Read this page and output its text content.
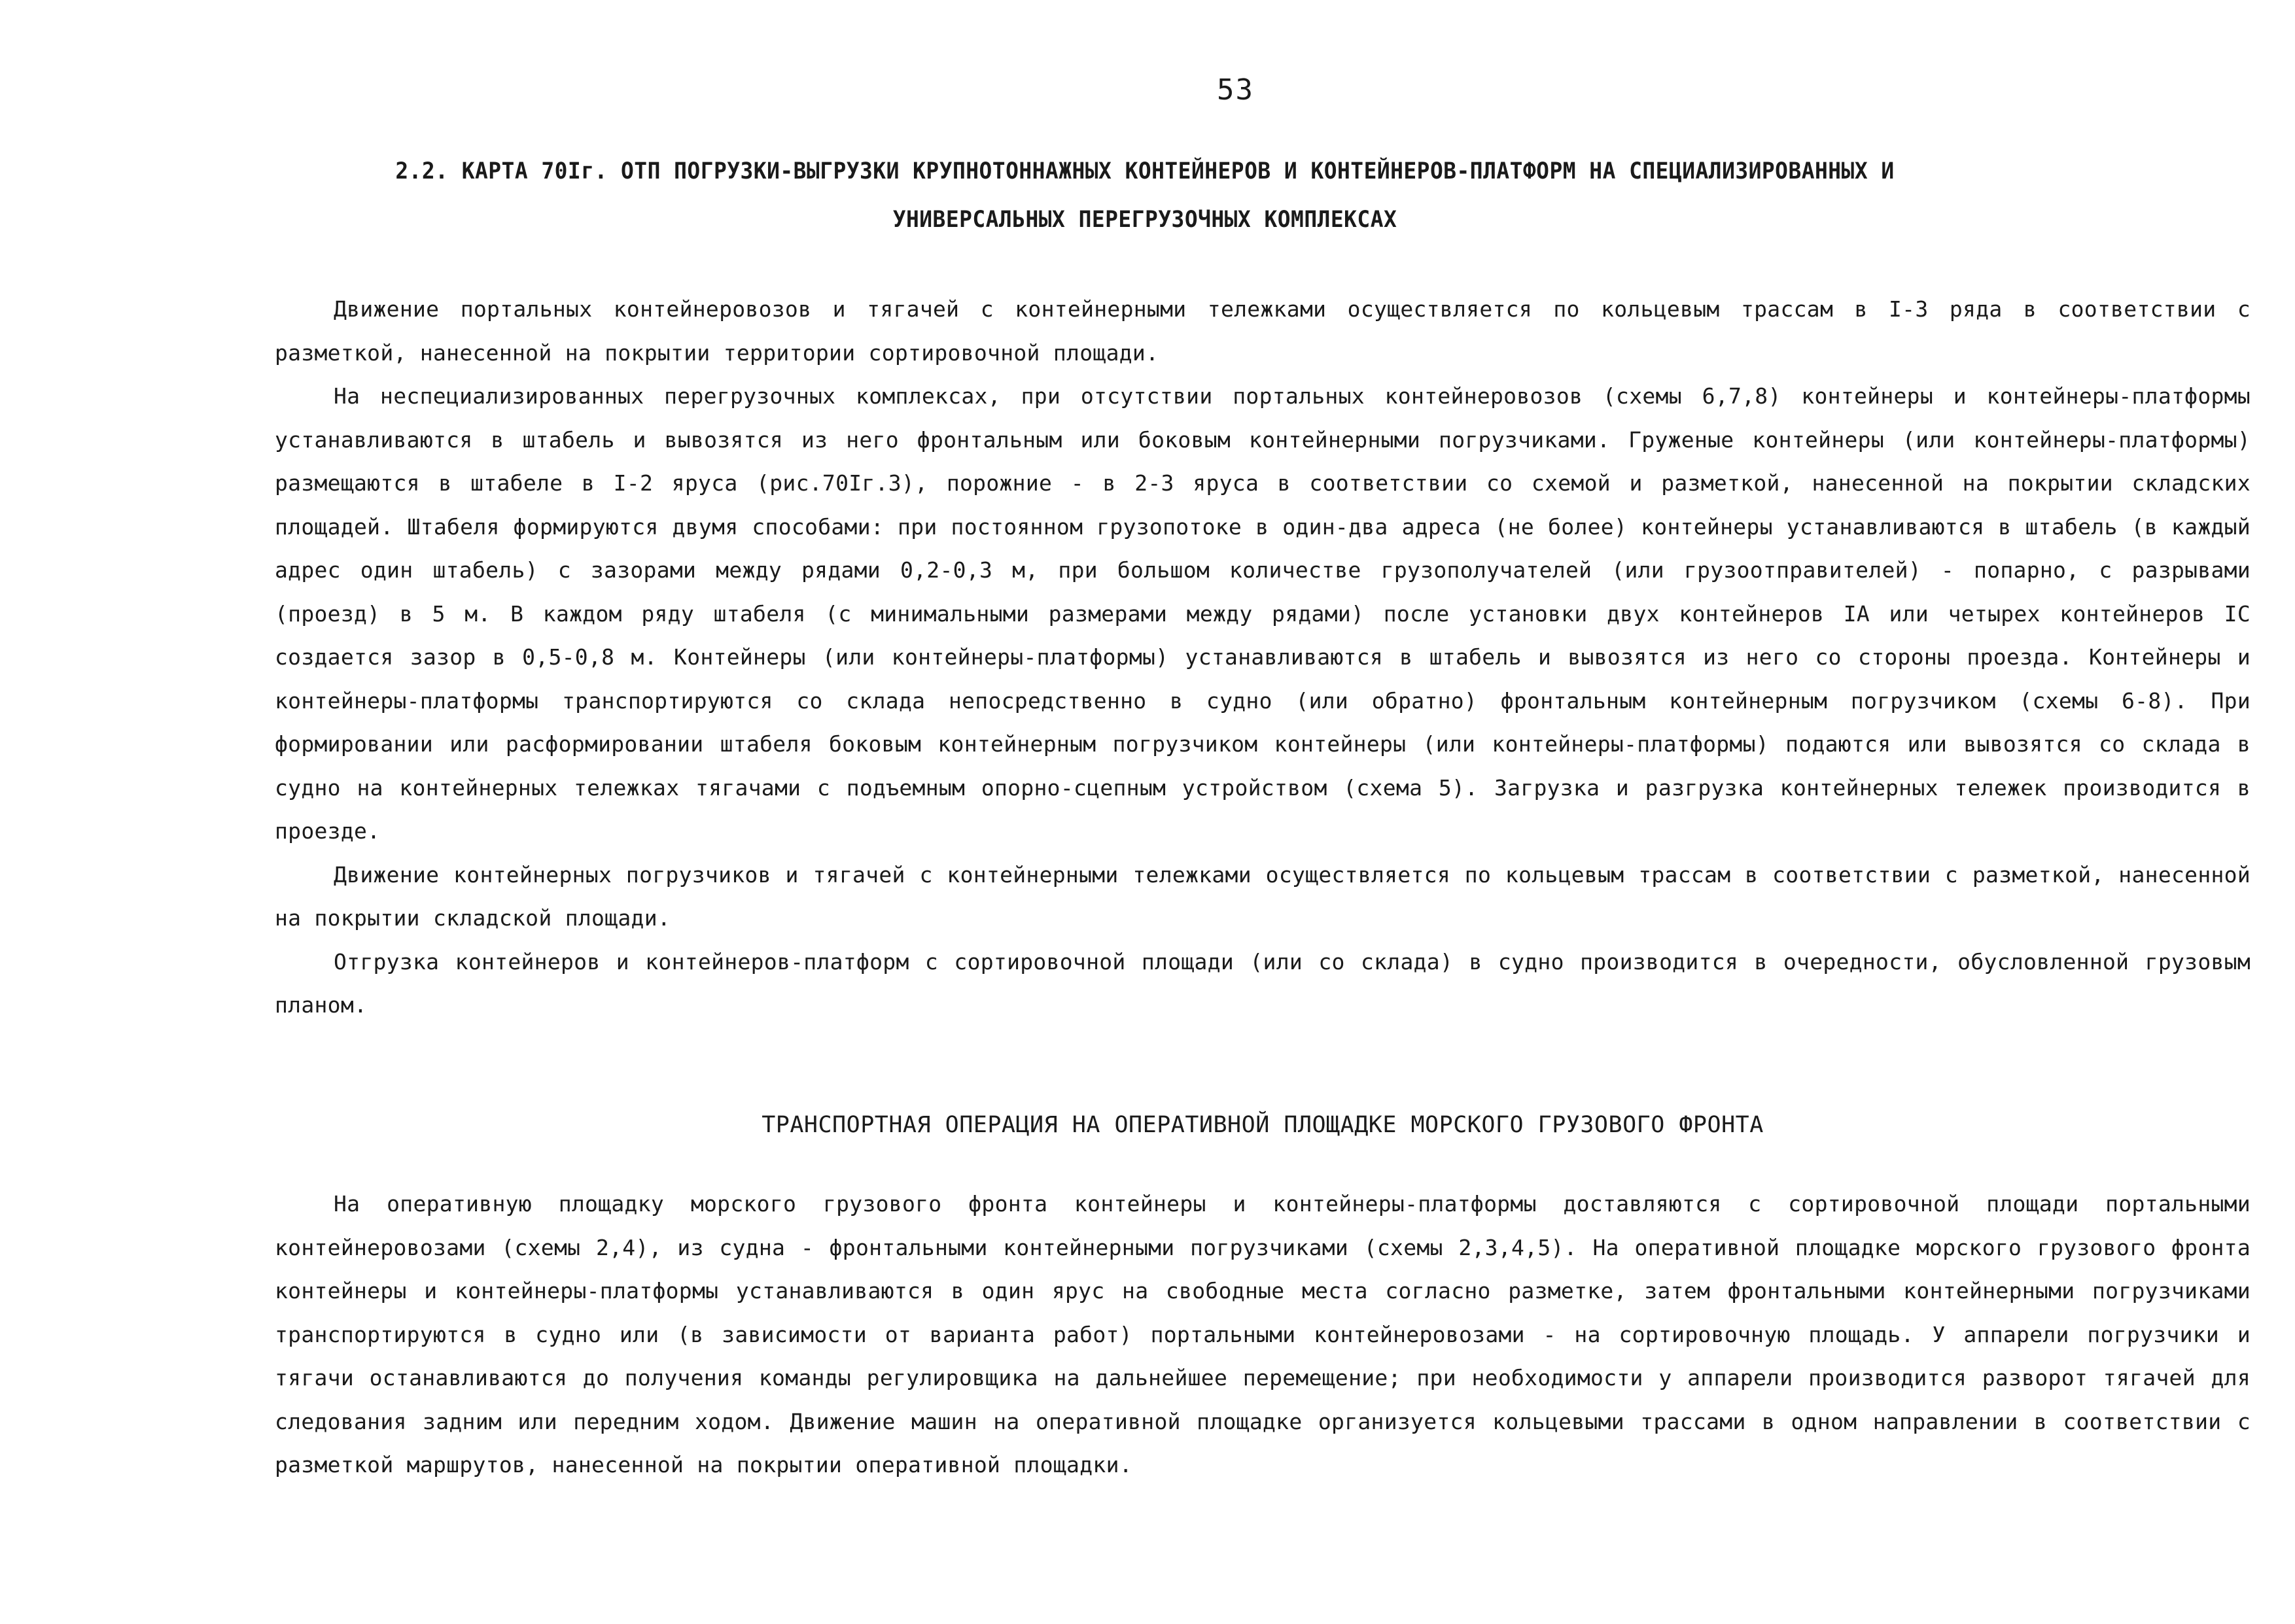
53
2.2. КАРТА 70Iг. ОТП ПОГРУЗКИ-ВЫГРУЗКИ КРУПНОТОННАЖНЫХ КОНТЕЙНЕРОВ И КОНТЕЙНЕРОВ-ПЛАТФОРМ НА СПЕЦИАЛИЗИРОВАННЫХ И
УНИВЕРСАЛЬНЫХ ПЕРЕГРУЗОЧНЫХ КОМПЛЕКСАХ

Движение портальных контейнеровозов и тягачей с контейнерными тележками осуществляется по кольцевым трассам в I-3 ряда в соответствии с разметкой, нанесенной на покрытии территории сортировочной площади.

На неспециализированных перегрузочных комплексах, при отсутствии портальных контейнеровозов (схемы 6,7,8) контейнеры и контейнеры-платформы устанавливаются в штабель и вывозятся из него фронтальным или боковым контейнерными погрузчиками. Груженые контейнеры (или контейнеры-платформы) размещаются в штабеле в I-2 яруса (рис.70Iг.3), порожние - в 2-3 яруса в соответствии со схемой и разметкой, нанесенной на покрытии складских площадей. Штабеля формируются двумя способами: при постоянном грузопотоке в один-два адреса (не более) контейнеры устанавливаются в штабель (в каждый адрес один штабель) с зазорами между рядами 0,2-0,3 м, при большом количестве грузополучателей (или грузоотправителей) - попарно, с разрывами (проезд) в 5 м. В каждом ряду штабеля (с минимальными размерами между рядами) после установки двух контейнеров IA или четырех контейнеров IC создается зазор в 0,5-0,8 м. Контейнеры (или контейнеры-платформы) устанавливаются в штабель и вывозятся из него со стороны проезда. Контейнеры и контейнеры-платформы транспортируются со склада непосредственно в судно (или обратно) фронтальным контейнерным погрузчиком (схемы 6-8). При формировании или расформировании штабеля боковым контейнерным погрузчиком контейнеры (или контейнеры-платформы) подаются или вывозятся со склада в судно на контейнерных тележках тягачами с подъемным опорно-сцепным устройством (схема 5). Загрузка и разгрузка контейнерных тележек производится в проезде.

Движение контейнерных погрузчиков и тягачей с контейнерными тележками осуществляется по кольцевым трассам в соответствии с разметкой, нанесенной на покрытии складской площади.

Отгрузка контейнеров и контейнеров-платформ с сортировочной площади (или со склада) в судно производится в очередности, обусловленной грузовым планом.

ТРАНСПОРТНАЯ ОПЕРАЦИЯ НА ОПЕРАТИВНОЙ ПЛОЩАДКЕ МОРСКОГО ГРУЗОВОГО ФРОНТА

На оперативную площадку морского грузового фронта контейнеры и контейнеры-платформы доставляются с сортировочной площади портальными контейнеровозами (схемы 2,4), из судна - фронтальными контейнерными погрузчиками (схемы 2,3,4,5). На оперативной площадке морского грузового фронта контейнеры и контейнеры-платформы устанавливаются в один ярус на свободные места согласно разметке, затем фронтальными контейнерными погрузчиками транспортируются в судно или (в зависимости от варианта работ) портальными контейнеровозами - на сортировочную площадь. У аппарели погрузчики и тягачи останавливаются до получения команды регулировщика на дальнейшее перемещение; при необходимости у аппарели производится разворот тягачей для следования задним или передним ходом. Движение машин на оперативной площадке организуется кольцевыми трассами в одном направлении в соответствии с разметкой маршрутов, нанесенной на покрытии оперативной площадки.
